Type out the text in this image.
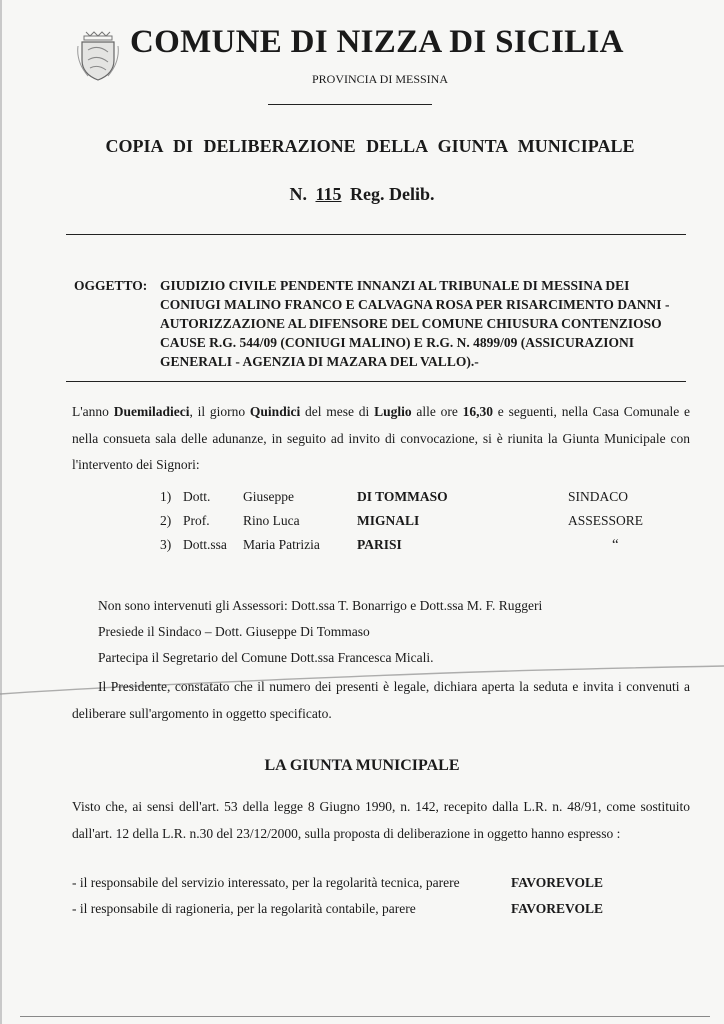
COMUNE DI NIZZA DI SICILIA
PROVINCIA DI MESSINA
COPIA DI DELIBERAZIONE DELLA GIUNTA MUNICIPALE
N. 115 Reg. Delib.
OGGETTO: GIUDIZIO CIVILE PENDENTE INNANZI AL TRIBUNALE DI MESSINA DEI CONIUGI MALINO FRANCO E CALVAGNA ROSA PER RISARCIMENTO DANNI - AUTORIZZAZIONE AL DIFENSORE DEL COMUNE CHIUSURA CONTENZIOSO CAUSE R.G. 544/09 (CONIUGI MALINO) E R.G. N. 4899/09 (ASSICURAZIONI GENERALI - AGENZIA DI MAZARA DEL VALLO).-
L'anno Duemiladieci, il giorno Quindici del mese di Luglio alle ore 16,30 e seguenti, nella Casa Comunale e nella consueta sala delle adunanze, in seguito ad invito di convocazione, si è riunita la Giunta Municipale con l'intervento dei Signori:
1) Dott. Giuseppe	DI TOMMASO	SINDACO
2) Prof. Rino Luca	MIGNALI	ASSESSORE
3) Dott.ssa Maria Patrizia	PARISI	“
Non sono intervenuti gli Assessori: Dott.ssa T. Bonarrigo e Dott.ssa M. F. Ruggeri
Presiede il Sindaco – Dott. Giuseppe Di Tommaso
Partecipa il Segretario del Comune Dott.ssa Francesca Micali.
Il Presidente, constatato che il numero dei presenti è legale, dichiara aperta la seduta e invita i convenuti a deliberare sull'argomento in oggetto specificato.
LA GIUNTA MUNICIPALE
Visto che, ai sensi dell'art. 53 della legge 8 Giugno 1990, n. 142, recepito dalla L.R. n. 48/91, come sostituito dall'art. 12 della L.R. n.30 del 23/12/2000, sulla proposta di deliberazione in oggetto hanno espresso :
- il responsabile del servizio interessato, per la regolarità tecnica, parere	FAVOREVOLE
- il responsabile di ragioneria, per la regolarità contabile, parere	FAVOREVOLE
